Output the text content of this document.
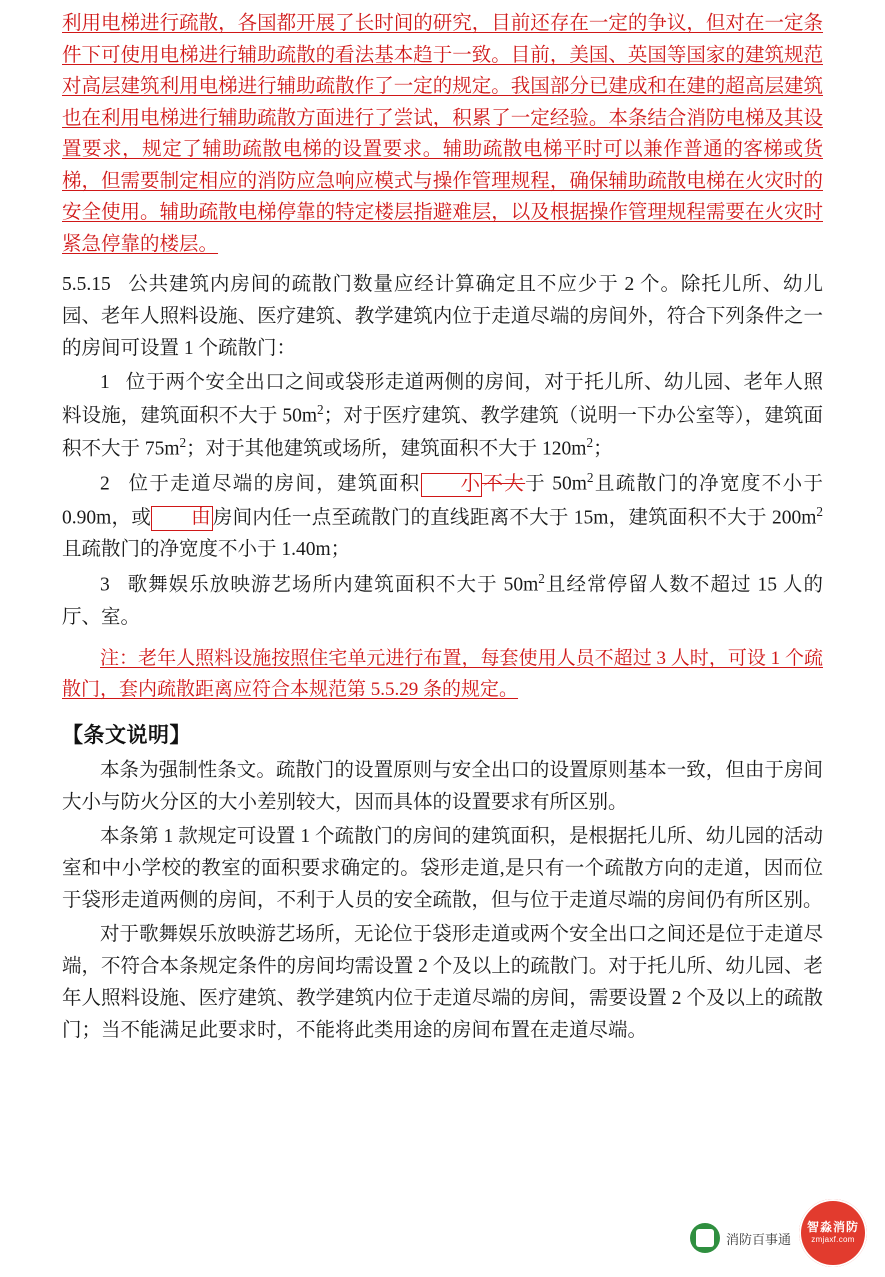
利用电梯进行疏散，各国都开展了长时间的研究，目前还存在一定的争议，但对在一定条件下可使用电梯进行辅助疏散的看法基本趋于一致。目前，美国、英国等国家的建筑规范对高层建筑利用电梯进行辅助疏散作了一定的规定。我国部分已建成和在建的超高层建筑也在利用电梯进行辅助疏散方面进行了尝试，积累了一定经验。本条结合消防电梯及其设置要求，规定了辅助疏散电梯的设置要求。辅助疏散电梯平时可以兼作普通的客梯或货梯，但需要制定相应的消防应急响应模式与操作管理规程，确保辅助疏散电梯在火灾时的安全使用。辅助疏散电梯停靠的特定楼层指避难层，以及根据操作管理规程需要在火灾时紧急停靠的楼层。

5.5.15 公共建筑内房间的疏散门数量应经计算确定且不应少于 2 个。除托儿所、幼儿园、老年人照料设施、医疗建筑、教学建筑内位于走道尽端的房间外，符合下列条件之一的房间可设置 1 个疏散门：

1 位于两个安全出口之间或袋形走道两侧的房间，对于托儿所、幼儿园、老年人照料设施，建筑面积不大于 $50m^2$；对于医疗建筑、教学建筑（说明一下办公室等），建筑面积不大于 $75m^2$；对于其他建筑或场所，建筑面积不大于 $120m^2$；

2 位于走道尽端的房间，建筑面积 小 不大于 $50m^2$且疏散门的净宽度不小于 0.90m，或 由 房间内任一点至疏散门的直线距离不大于 15m，建筑面积不大于 $200m^2$且疏散门的净宽度不小于 1.40m；

3 歌舞娱乐放映游艺场所内建筑面积不大于 $50m^2$且经常停留人数不超过 15 人的厅、室。

注：老年人照料设施按照住宅单元进行布置，每套使用人员不超过 3 人时，可设 1 个疏散门，套内疏散距离应符合本规范第 5.5.29 条的规定。

【条文说明】

本条为强制性条文。疏散门的设置原则与安全出口的设置原则基本一致，但由于房间大小与防火分区的大小差别较大，因而具体的设置要求有所区别。

本条第 1 款规定可设置 1 个疏散门的房间的建筑面积，是根据托儿所、幼儿园的活动室和中小学校的教室的面积要求确定的。袋形走道,是只有一个疏散方向的走道，因而位于袋形走道两侧的房间，不利于人员的安全疏散，但与位于走道尽端的房间仍有所区别。

对于歌舞娱乐放映游艺场所，无论位于袋形走道或两个安全出口之间还是位于走道尽端，不符合本条规定条件的房间均需设置 2 个及以上的疏散门。对于托儿所、幼儿园、老年人照料设施、医疗建筑、教学建筑内位于走道尽端的房间，需要设置 2 个及以上的疏散门；当不能满足此要求时，不能将此类用途的房间布置在走道尽端。

消防百事通
智淼消防
zmjaxf.com
